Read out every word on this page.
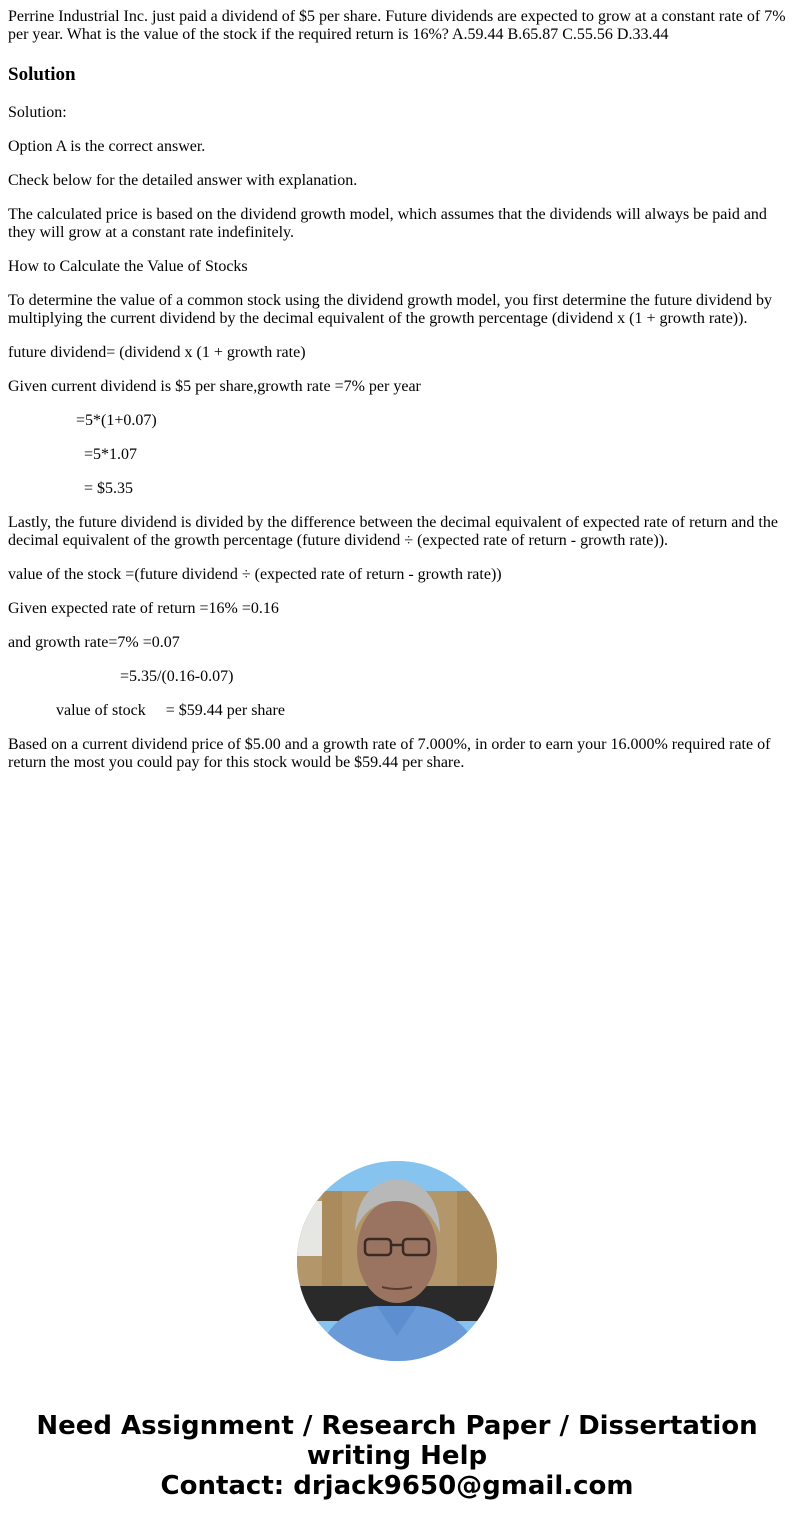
Perrine Industrial Inc. just paid a dividend of $5 per share. Future dividends are expected to grow at a constant rate of 7% per year. What is the value of the stock if the required return is 16%? A.59.44 B.65.87 C.55.56 D.33.44

Solution

Solution:

Option A is the correct answer.

Check below for the detailed answer with explanation.

The calculated price is based on the dividend growth model, which assumes that the dividends will always be paid and they will grow at a constant rate indefinitely.

How to Calculate the Value of Stocks

To determine the value of a common stock using the dividend growth model, you first determine the future dividend by multiplying the current dividend by the decimal equivalent of the growth percentage (dividend x (1 + growth rate)).

future dividend= (dividend x (1 + growth rate)

Given current dividend is $5 per share,growth rate =7% per year

=5*(1+0.07)

=5*1.07

= $5.35

Lastly, the future dividend is divided by the difference between the decimal equivalent of expected rate of return and the decimal equivalent of the growth percentage (future dividend ÷ (expected rate of return - growth rate)).

value of the stock =(future dividend ÷ (expected rate of return - growth rate))

Given expected rate of return =16% =0.16

and growth rate=7% =0.07

=5.35/(0.16-0.07)

value of stock     = $59.44 per share

Based on a current dividend price of $5.00 and a growth rate of 7.000%, in order to earn your 16.000% required rate of return the most you could pay for this stock would be $59.44 per share.

Need Assignment / Research Paper / Dissertation
writing Help
Contact: drjack9650@gmail.com
